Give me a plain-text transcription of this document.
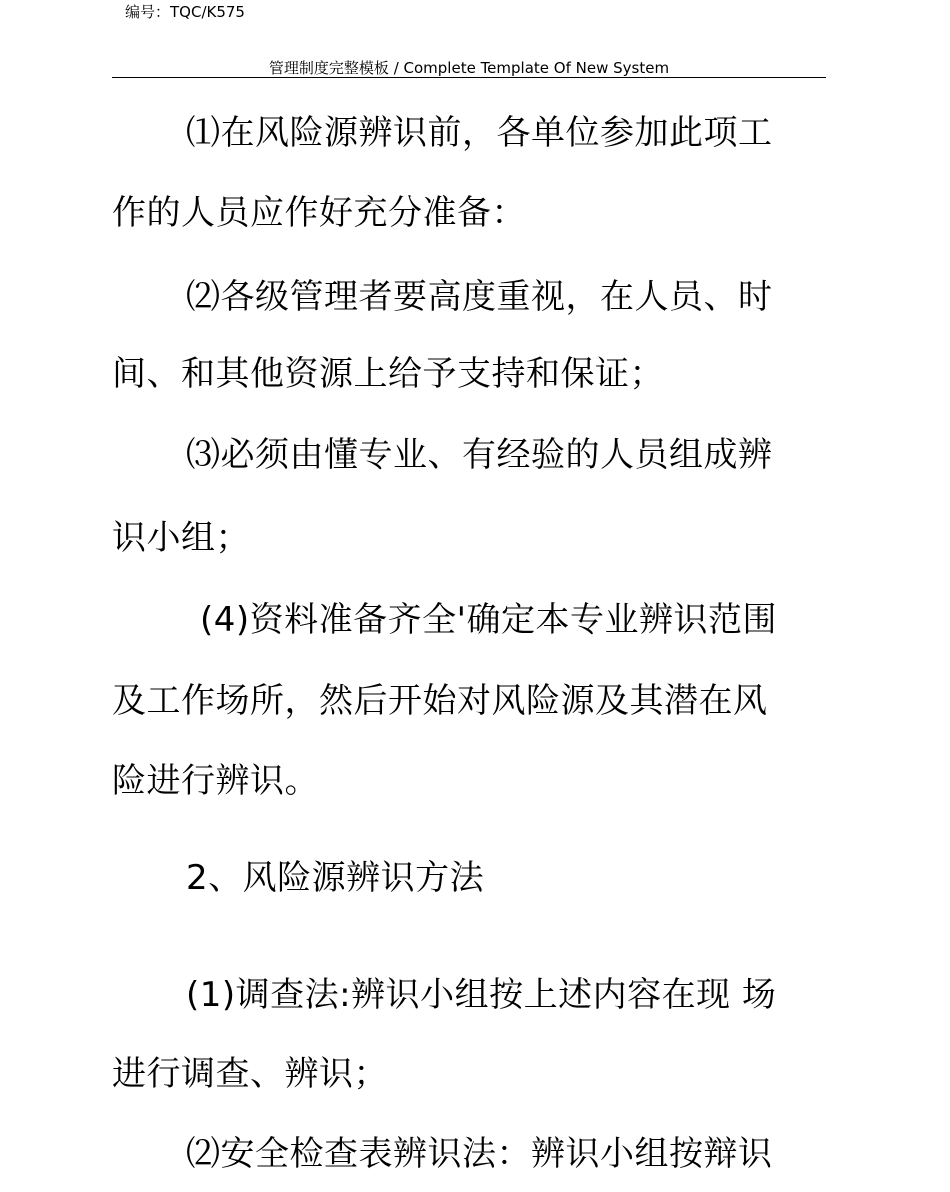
编号：TQC/K575
管理制度完整模板 / Complete Template Of New System
⑴在风险源辨识前，各单位参加此项工
作的人员应作好充分准备：
⑵各级管理者要高度重视，在人员、时
间、和其他资源上给予支持和保证；
⑶必须由懂专业、有经验的人员组成辨
识小组；
(4)资料准备齐全'确定本专业辨识范围
及工作场所，然后开始对风险源及其潜在风
险进行辨识。
2、风险源辨识方法
(1)调查法:辨识小组按上述内容在现 场
进行调查、辨识；
⑵安全检查表辨识法：辨识小组按辩识
